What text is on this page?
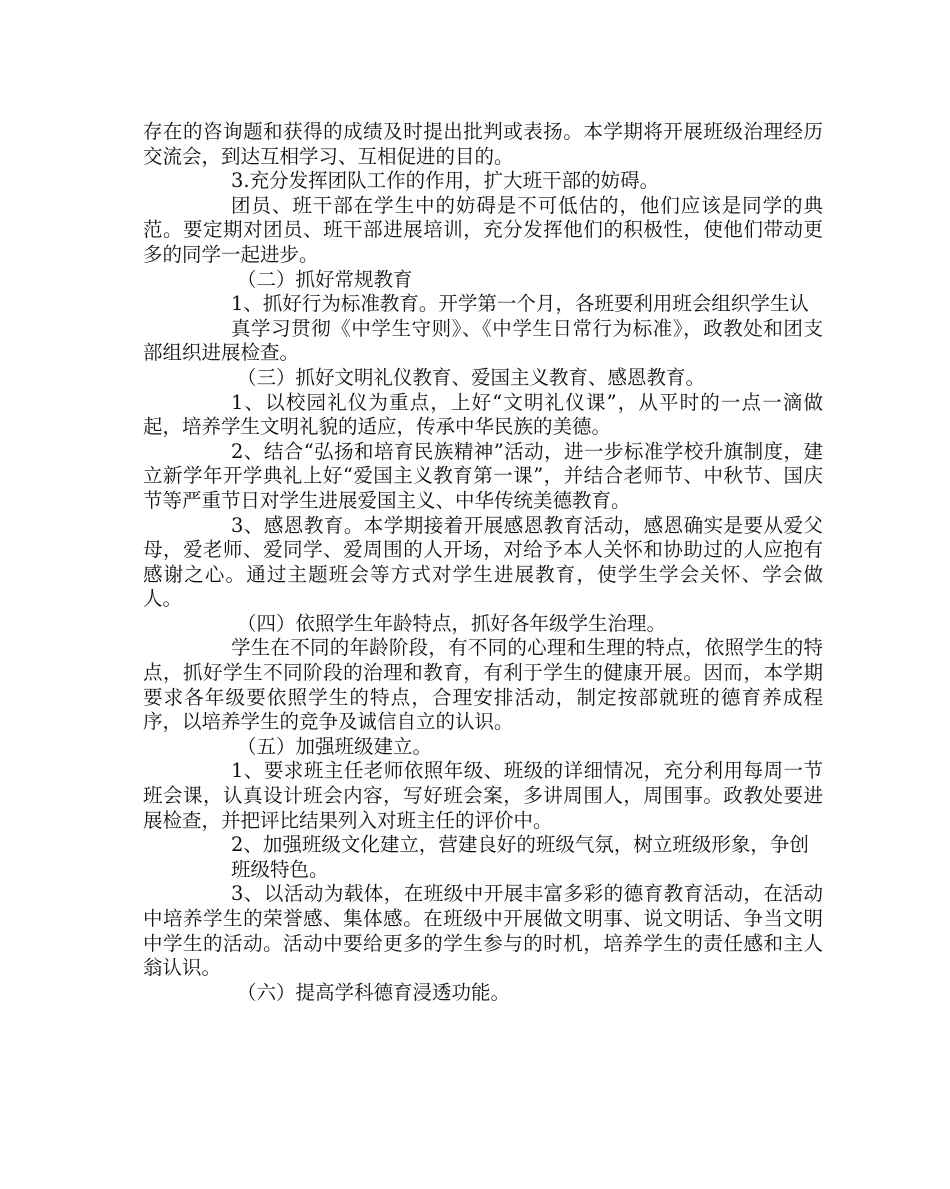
存在的咨询题和获得的成绩及时提出批判或表扬。本学期将开展班级治理经历交流会，到达互相学习、互相促进的目的。

3.充分发挥团队工作的作用，扩大班干部的妨碍。

团员、班干部在学生中的妨碍是不可低估的，他们应该是同学的典范。要定期对团员、班干部进展培训，充分发挥他们的积极性，使他们带动更多的同学一起进步。

（二）抓好常规教育

1、抓好行为标准教育。开学第一个月，各班要利用班会组织学生认

真学习贯彻《中学生守则》、《中学生日常行为标准》，政教处和团支部组织进展检查。

（三）抓好文明礼仪教育、爱国主义教育、感恩教育。

1、以校园礼仪为重点，上好“文明礼仪课”，从平时的一点一滴做起，培养学生文明礼貌的适应，传承中华民族的美德。

2、结合“弘扬和培育民族精神”活动，进一步标准学校升旗制度，建立新学年开学典礼上好“爱国主义教育第一课”，并结合老师节、中秋节、国庆节等严重节日对学生进展爱国主义、中华传统美德教育。

3、感恩教育。本学期接着开展感恩教育活动，感恩确实是要从爱父母，爱老师、爱同学、爱周围的人开场，对给予本人关怀和协助过的人应抱有感谢之心。通过主题班会等方式对学生进展教育，使学生学会关怀、学会做人。

（四）依照学生年龄特点，抓好各年级学生治理。

学生在不同的年龄阶段，有不同的心理和生理的特点，依照学生的特点，抓好学生不同阶段的治理和教育，有利于学生的健康开展。因而，本学期要求各年级要依照学生的特点，合理安排活动，制定按部就班的德育养成程序，以培养学生的竞争及诚信自立的认识。

（五）加强班级建立。

1、要求班主任老师依照年级、班级的详细情况，充分利用每周一节班会课，认真设计班会内容，写好班会案，多讲周围人，周围事。政教处要进展检查，并把评比结果列入对班主任的评价中。

2、加强班级文化建立，营建良好的班级气氛，树立班级形象，争创

班级特色。

3、以活动为载体，在班级中开展丰富多彩的德育教育活动，在活动中培养学生的荣誉感、集体感。在班级中开展做文明事、说文明话、争当文明中学生的活动。活动中要给更多的学生参与的时机，培养学生的责任感和主人翁认识。

（六）提高学科德育浸透功能。
